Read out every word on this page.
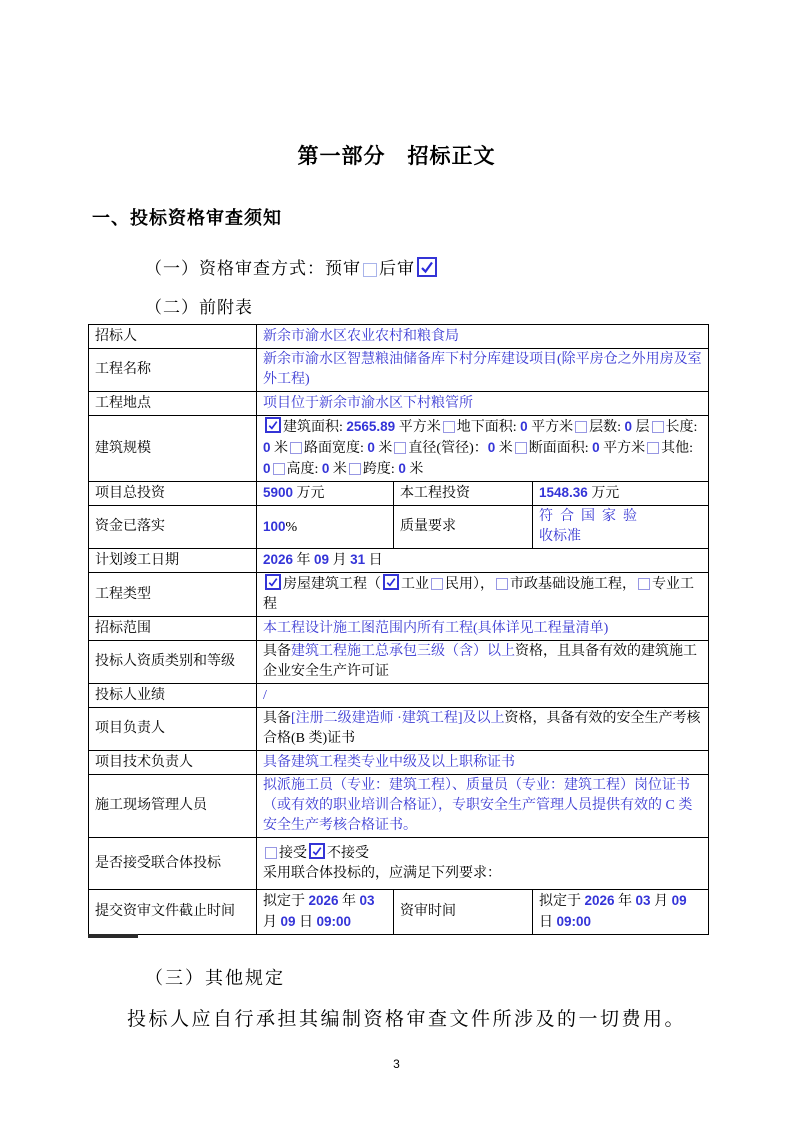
第一部分　招标正文
一、投标资格审查须知

（一）资格审查方式：预审 后审

（二）前附表

招标人	新余市渝水区农业农村和粮食局		
工程名称	新余市渝水区智慧粮油储备库下村分库建设项目(除平房仓之外用房及室外工程)		
工程地点	项目位于新余市渝水区下村粮管所		
建筑规模	建筑面积: 2565.89 平方米 地下面积: 0 平方米 层数: 0 层 长度: 0 米 路面宽度: 0 米 直径(管径)：0 米 断面面积: 0 平方米 其他: 0 高度: 0 米 跨度: 0 米		
项目总投资	5900 万元	本工程投资	1548.36 万元
资金已落实	100%	质量要求	符合国家验
收标准
计划竣工日期	2026 年 09 月 31 日		
工程类型	房屋建筑工程（ 工业 民用）， 市政基础设施工程， 专业工程		
招标范围	本工程设计施工图范围内所有工程(具体详见工程量清单)		
投标人资质类别和等级	具备建筑工程施工总承包三级（含）以上资格，且具备有效的建筑施工企业安全生产许可证		
投标人业绩	/		
项目负责人	具备[注册二级建造师 ·建筑工程]及以上资格，具备有效的安全生产考核合格(B 类)证书		
项目技术负责人	具备建筑工程类专业中级及以上职称证书		
施工现场管理人员	拟派施工员（专业：建筑工程）、质量员（专业：建筑工程）岗位证书（或有效的职业培训合格证），专职安全生产管理人员提供有效的 C 类安全生产考核合格证书。		
是否接受联合体投标	接受 不接受
采用联合体投标的，应满足下列要求：		
提交资审文件截止时间	拟定于 2026 年 03 月 09 日 09:00	资审时间	拟定于 2026 年 03 月 09 日 09:00

（三）其他规定

投标人应自行承担其编制资格审查文件所涉及的一切费用。

3
